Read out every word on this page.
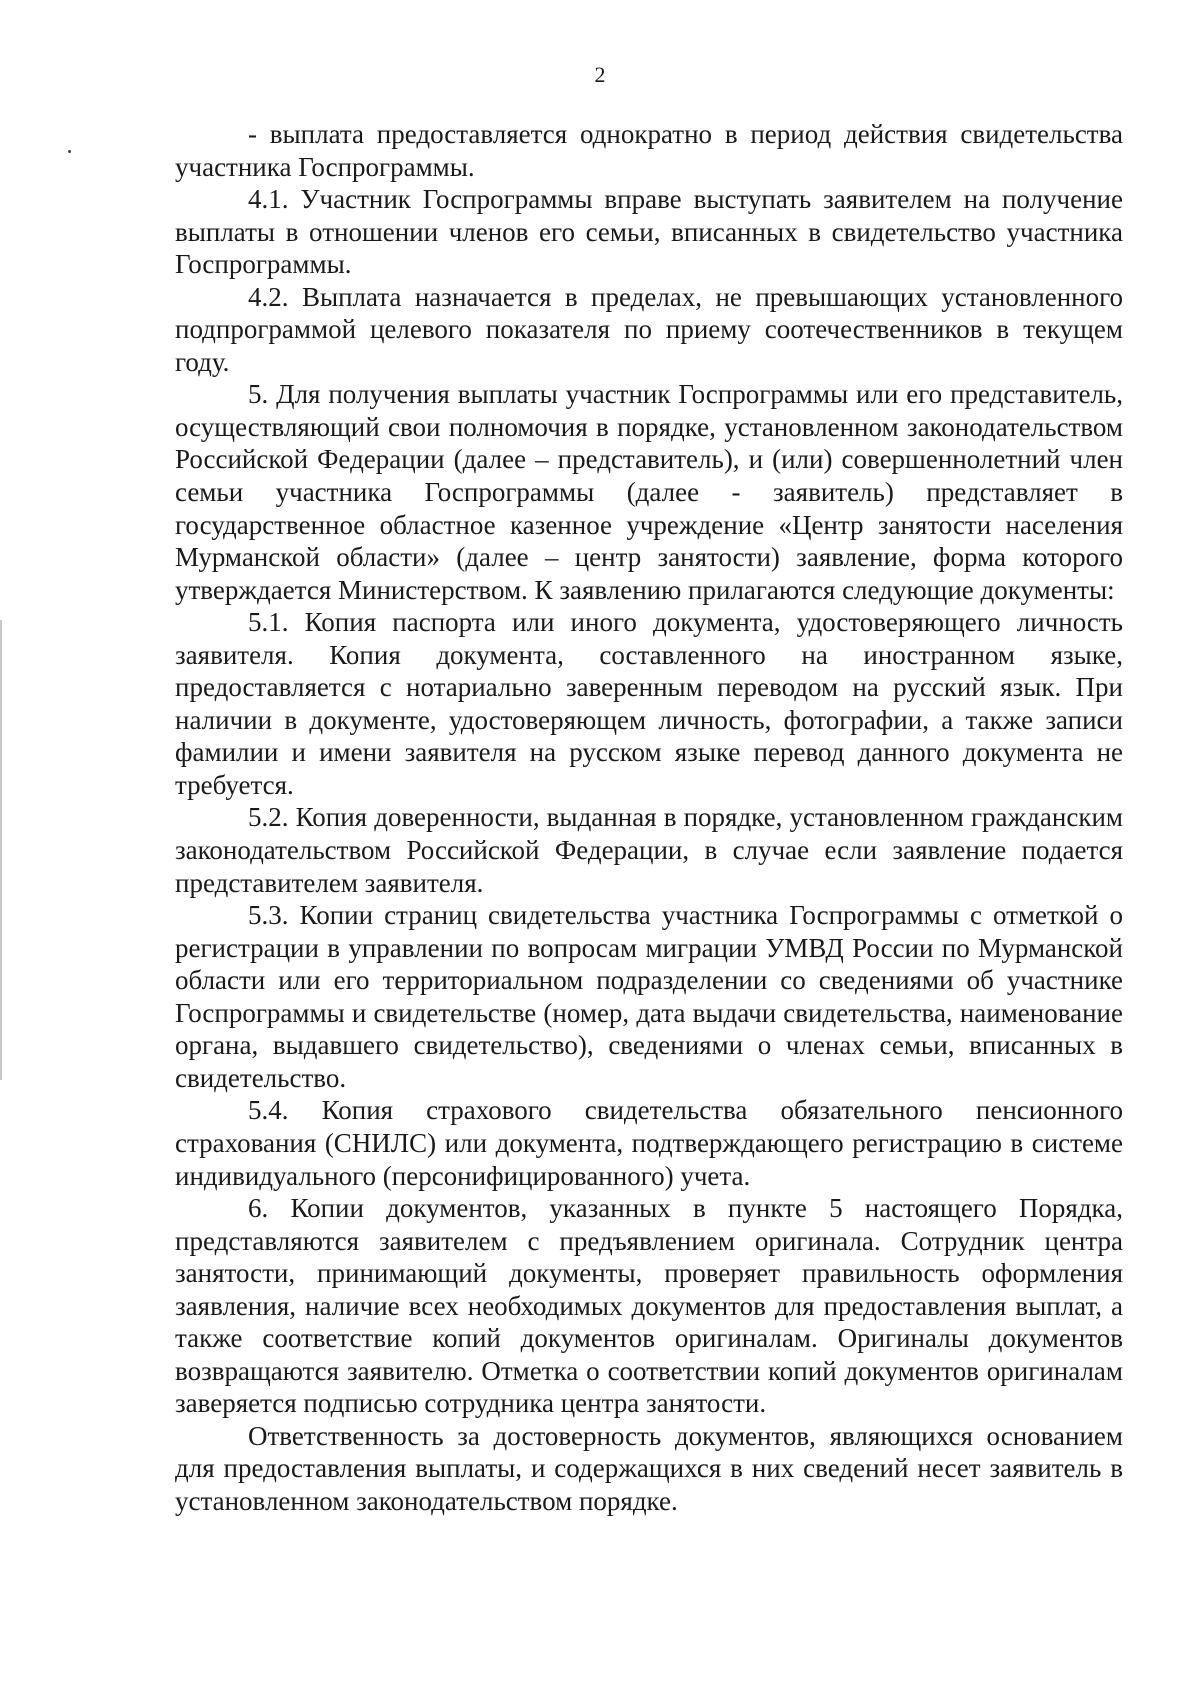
2

- выплата предоставляется однократно в период действия свидетельства участника Госпрограммы.

4.1. Участник Госпрограммы вправе выступать заявителем на получение выплаты в отношении членов его семьи, вписанных в свидетельство участника Госпрограммы.

4.2. Выплата назначается в пределах, не превышающих установленного подпрограммой целевого показателя по приему соотечественников в текущем году.

5. Для получения выплаты участник Госпрограммы или его представитель, осуществляющий свои полномочия в порядке, установленном законодательством Российской Федерации (далее – представитель), и (или) совершеннолетний член семьи участника Госпрограммы (далее - заявитель) представляет в государственное областное казенное учреждение «Центр занятости населения Мурманской области» (далее – центр занятости) заявление, форма которого утверждается Министерством. К заявлению прилагаются следующие документы:

5.1. Копия паспорта или иного документа, удостоверяющего личность заявителя. Копия документа, составленного на иностранном языке, предоставляется с нотариально заверенным переводом на русский язык. При наличии в документе, удостоверяющем личность, фотографии, а также записи фамилии и имени заявителя на русском языке перевод данного документа не требуется.

5.2. Копия доверенности, выданная в порядке, установленном гражданским законодательством Российской Федерации, в случае если заявление подается представителем заявителя.

5.3. Копии страниц свидетельства участника Госпрограммы с отметкой о регистрации в управлении по вопросам миграции УМВД России по Мурманской области или его территориальном подразделении со сведениями об участнике Госпрограммы и свидетельстве (номер, дата выдачи свидетельства, наименование органа, выдавшего свидетельство), сведениями о членах семьи, вписанных в свидетельство.

5.4. Копия страхового свидетельства обязательного пенсионного страхования (СНИЛС) или документа, подтверждающего регистрацию в системе индивидуального (персонифицированного) учета.

6. Копии документов, указанных в пункте 5 настоящего Порядка, представляются заявителем с предъявлением оригинала. Сотрудник центра занятости, принимающий документы, проверяет правильность оформления заявления, наличие всех необходимых документов для предоставления выплат, а также соответствие копий документов оригиналам. Оригиналы документов возвращаются заявителю. Отметка о соответствии копий документов оригиналам заверяется подписью сотрудника центра занятости.

Ответственность за достоверность документов, являющихся основанием для предоставления выплаты, и содержащихся в них сведений несет заявитель в установленном законодательством порядке.
